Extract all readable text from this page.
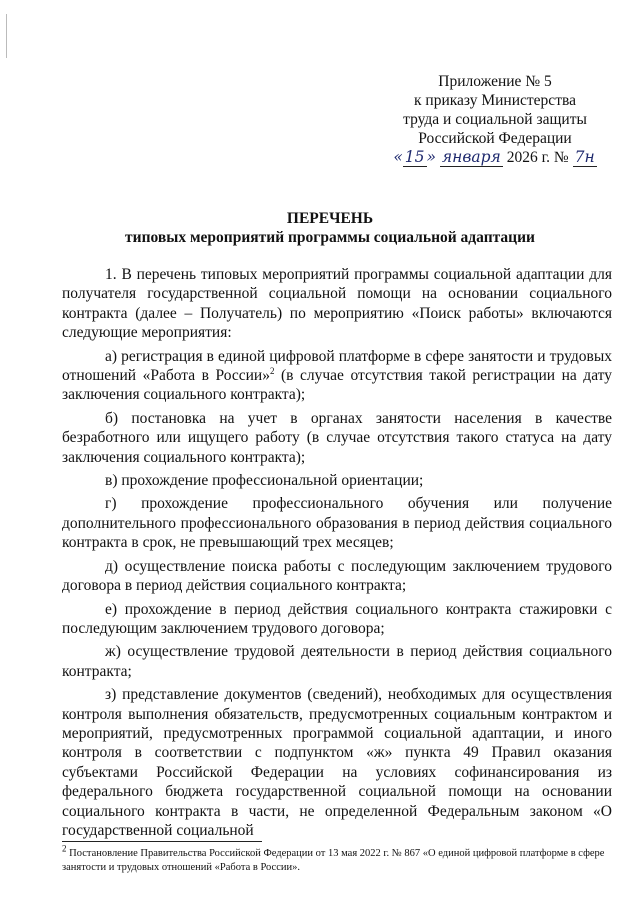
Приложение № 5
к приказу Министерства
труда и социальной защиты
Российской Федерации
« 15 » января 2026 г. № 7н
ПЕРЕЧЕНЬ
типовых мероприятий программы социальной адаптации

1. В перечень типовых мероприятий программы социальной адаптации для получателя государственной социальной помощи на основании социального контракта (далее – Получатель) по мероприятию «Поиск работы» включаются следующие мероприятия:

а) регистрация в единой цифровой платформе в сфере занятости и трудовых отношений «Работа в России»$^2$ (в случае отсутствия такой регистрации на дату заключения социального контракта);

б) постановка на учет в органах занятости населения в качестве безработного или ищущего работу (в случае отсутствия такого статуса на дату заключения социального контракта);

в) прохождение профессиональной ориентации;

г) прохождение профессионального обучения или получение дополнительного профессионального образования в период действия социального контракта в срок, не превышающий трех месяцев;

д) осуществление поиска работы с последующим заключением трудового договора в период действия социального контракта;

е) прохождение в период действия социального контракта стажировки с последующим заключением трудового договора;

ж) осуществление трудовой деятельности в период действия социального контракта;

з) представление документов (сведений), необходимых для осуществления контроля выполнения обязательств, предусмотренных социальным контрактом и мероприятий, предусмотренных программой социальной адаптации, и иного контроля в соответствии с подпунктом «ж» пункта 49 Правил оказания субъектами Российской Федерации на условиях софинансирования из федерального бюджета государственной социальной помощи на основании социального контракта в части, не определенной Федеральным законом «О государственной социальной

$^2$ Постановление Правительства Российской Федерации от 13 мая 2022 г. № 867 «О единой цифровой платформе в сфере занятости и трудовых отношений «Работа в России».
